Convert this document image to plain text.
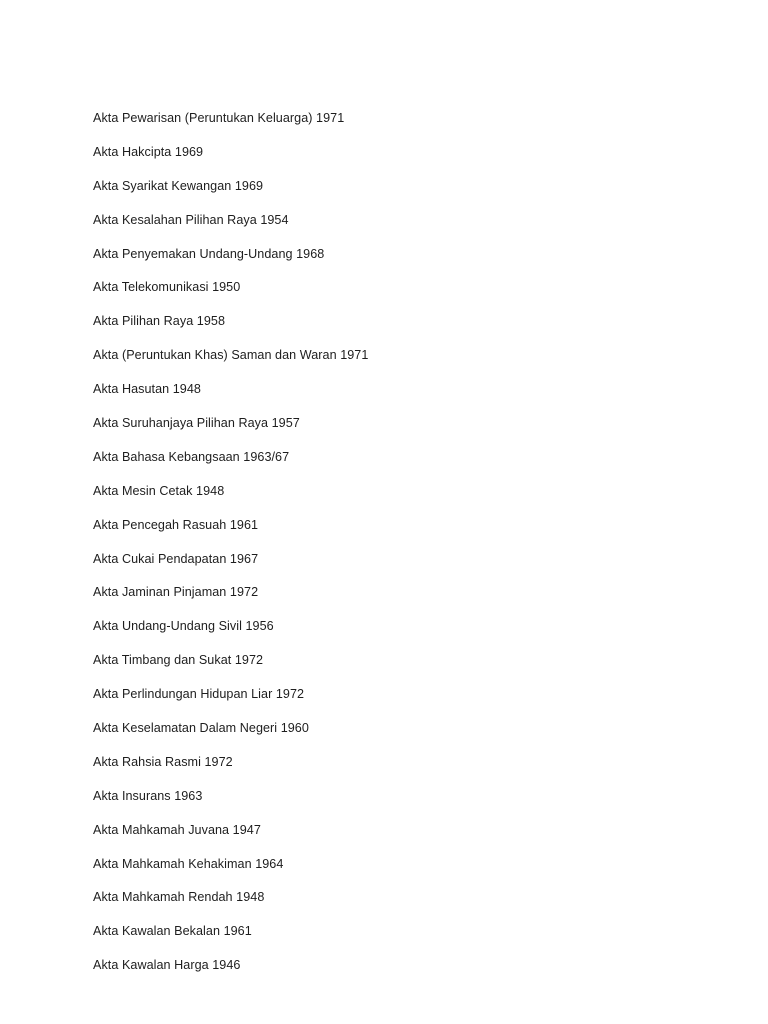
Akta Pewarisan (Peruntukan Keluarga) 1971
Akta Hakcipta 1969
Akta Syarikat Kewangan 1969
Akta Kesalahan Pilihan Raya 1954
Akta Penyemakan Undang-Undang 1968
Akta Telekomunikasi 1950
Akta Pilihan Raya 1958
Akta (Peruntukan Khas) Saman dan Waran 1971
Akta Hasutan 1948
Akta Suruhanjaya Pilihan Raya 1957
Akta Bahasa Kebangsaan 1963/67
Akta Mesin Cetak 1948
Akta Pencegah Rasuah 1961
Akta Cukai Pendapatan 1967
Akta Jaminan Pinjaman 1972
Akta Undang-Undang Sivil 1956
Akta Timbang dan Sukat 1972
Akta Perlindungan Hidupan Liar 1972
Akta Keselamatan Dalam Negeri 1960
Akta Rahsia Rasmi 1972
Akta Insurans 1963
Akta Mahkamah Juvana 1947
Akta Mahkamah Kehakiman 1964
Akta Mahkamah Rendah 1948
Akta Kawalan Bekalan 1961
Akta Kawalan Harga 1946
